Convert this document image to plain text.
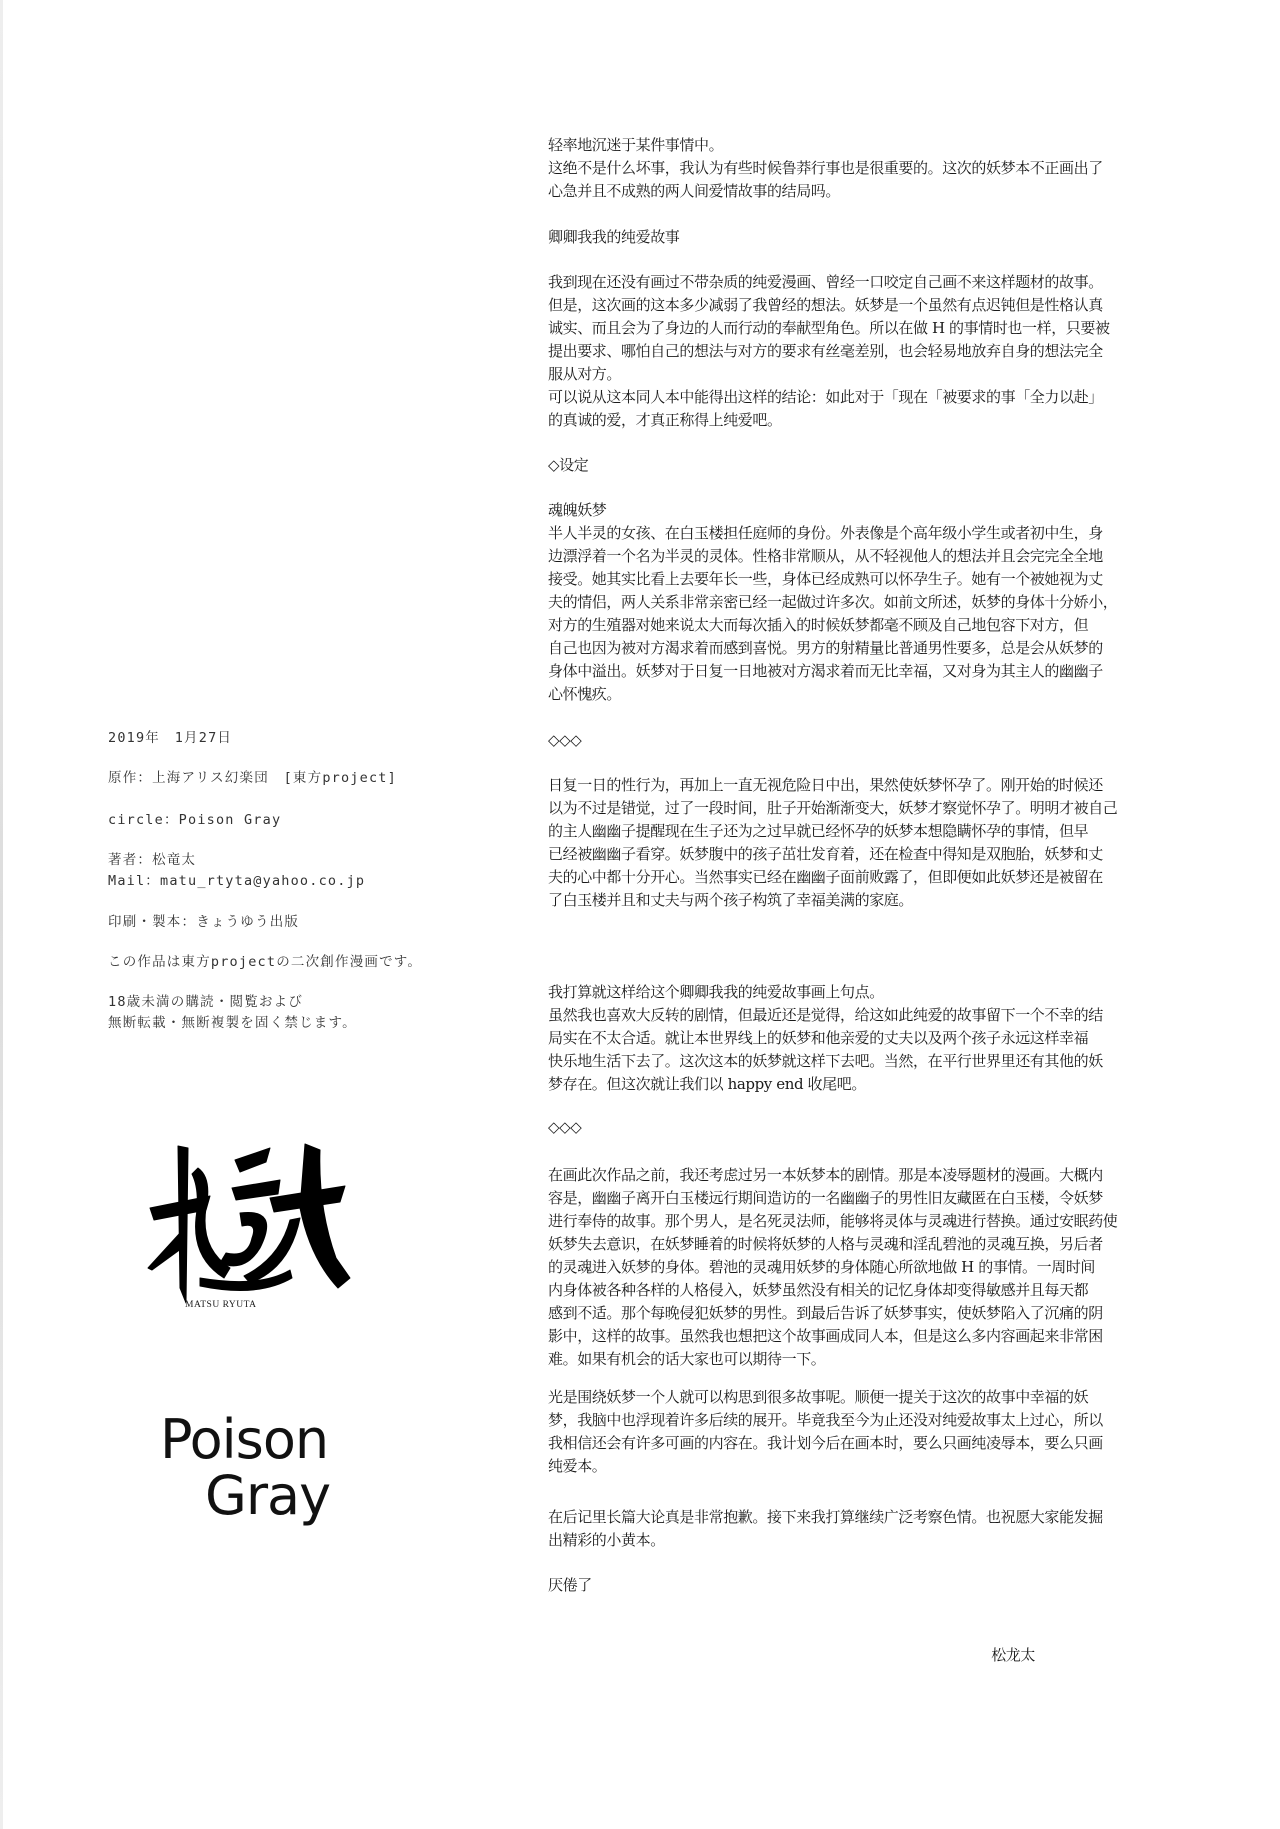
轻率地沉迷于某件事情中。
这绝不是什么坏事，我认为有些时候鲁莽行事也是很重要的。这次的妖梦本不正画出了
心急并且不成熟的两人间爱情故事的结局吗。
卿卿我我的纯爱故事
我到现在还没有画过不带杂质的纯爱漫画、曾经一口咬定自己画不来这样题材的故事。
但是，这次画的这本多少减弱了我曾经的想法。妖梦是一个虽然有点迟钝但是性格认真
诚实、而且会为了身边的人而行动的奉献型角色。所以在做 H 的事情时也一样，只要被
提出要求、哪怕自己的想法与对方的要求有丝毫差别，也会轻易地放弃自身的想法完全
服从对方。
可以说从这本同人本中能得出这样的结论：如此对于「现在「被要求的事「全力以赴」
的真诚的爱，才真正称得上纯爱吧。
◇设定
魂魄妖梦
半人半灵的女孩、在白玉楼担任庭师的身份。外表像是个高年级小学生或者初中生，身
边漂浮着一个名为半灵的灵体。性格非常顺从，从不轻视他人的想法并且会完完全全地
接受。她其实比看上去要年长一些，身体已经成熟可以怀孕生子。她有一个被她视为丈
夫的情侣，两人关系非常亲密已经一起做过许多次。如前文所述，妖梦的身体十分娇小，
对方的生殖器对她来说太大而每次插入的时候妖梦都毫不顾及自己地包容下对方，但
自己也因为被对方渴求着而感到喜悦。男方的射精量比普通男性要多，总是会从妖梦的
身体中溢出。妖梦对于日复一日地被对方渴求着而无比幸福，又对身为其主人的幽幽子
心怀愧疚。
◇◇◇
日复一日的性行为，再加上一直无视危险日中出，果然使妖梦怀孕了。刚开始的时候还
以为不过是错觉，过了一段时间，肚子开始渐渐变大，妖梦才察觉怀孕了。明明才被自己
的主人幽幽子提醒现在生子还为之过早就已经怀孕的妖梦本想隐瞒怀孕的事情，但早
已经被幽幽子看穿。妖梦腹中的孩子茁壮发育着，还在检查中得知是双胞胎，妖梦和丈
夫的心中都十分开心。当然事实已经在幽幽子面前败露了，但即便如此妖梦还是被留在
了白玉楼并且和丈夫与两个孩子构筑了幸福美满的家庭。
我打算就这样给这个卿卿我我的纯爱故事画上句点。
虽然我也喜欢大反转的剧情，但最近还是觉得，给这如此纯爱的故事留下一个不幸的结
局实在不太合适。就让本世界线上的妖梦和他亲爱的丈夫以及两个孩子永远这样幸福
快乐地生活下去了。这次这本的妖梦就这样下去吧。当然，在平行世界里还有其他的妖
梦存在。但这次就让我们以 happy end 收尾吧。
◇◇◇
在画此次作品之前，我还考虑过另一本妖梦本的剧情。那是本凌辱题材的漫画。大概内
容是，幽幽子离开白玉楼远行期间造访的一名幽幽子的男性旧友藏匿在白玉楼，令妖梦
进行奉侍的故事。那个男人，是名死灵法师，能够将灵体与灵魂进行替换。通过安眠药使
妖梦失去意识，在妖梦睡着的时候将妖梦的人格与灵魂和淫乱碧池的灵魂互换，另后者
的灵魂进入妖梦的身体。碧池的灵魂用妖梦的身体随心所欲地做 H 的事情。一周时间
内身体被各种各样的人格侵入，妖梦虽然没有相关的记忆身体却变得敏感并且每天都
感到不适。那个每晚侵犯妖梦的男性。到最后告诉了妖梦事实，使妖梦陷入了沉痛的阴
影中，这样的故事。虽然我也想把这个故事画成同人本，但是这么多内容画起来非常困
难。如果有机会的话大家也可以期待一下。
光是围绕妖梦一个人就可以构思到很多故事呢。顺便一提关于这次的故事中幸福的妖
梦，我脑中也浮现着许多后续的展开。毕竟我至今为止还没对纯爱故事太上过心，所以
我相信还会有许多可画的内容在。我计划今后在画本时，要么只画纯凌辱本，要么只画
纯爱本。
在后记里长篇大论真是非常抱歉。接下来我打算继续广泛考察色情。也祝愿大家能发掘
出精彩的小黄本。
厌倦了
松龙太
2019年　1月27日
原作：上海アリス幻楽団　[東方project]
circle：Poison Gray
著者：松竜太
Mail：matu_rtyta@yahoo.co.jp
印刷・製本：きょうゆう出版
この作品は東方projectの二次創作漫画です。
18歳未満の購読・閲覧および
無断転載・無断複製を固く禁じます。
MATSU RYUTA
Poison
Gray
